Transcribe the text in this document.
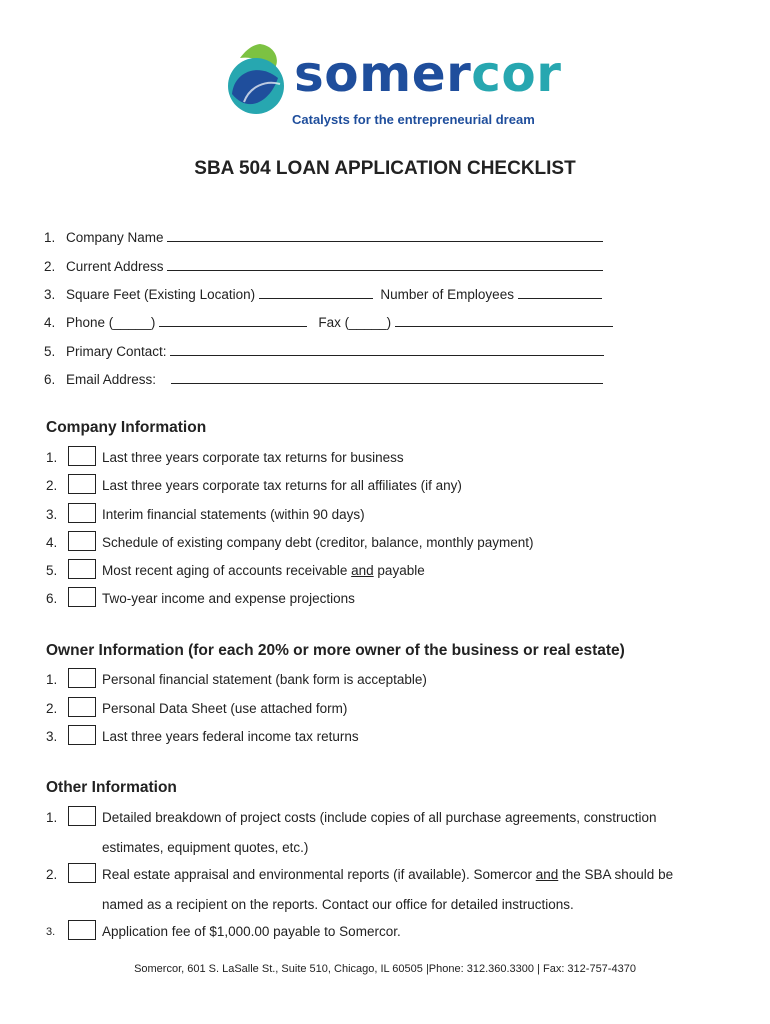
somercor
Catalysts for the entrepreneurial dream
SBA 504 LOAN APPLICATION CHECKLIST
1. Company Name
2. Current Address
3. Square Feet (Existing Location)	Number of Employees
4. Phone (_____)	Fax (_____)
5. Primary Contact:
6. Email Address:
Company Information
1.	Last three years corporate tax returns for business
2.	Last three years corporate tax returns for all affiliates (if any)
3.	Interim financial statements (within 90 days)
4.	Schedule of existing company debt (creditor, balance, monthly payment)
5.	Most recent aging of accounts receivable and payable
6.	Two-year income and expense projections
Owner Information (for each 20% or more owner of the business or real estate)
1.	Personal financial statement (bank form is acceptable)
2.	Personal Data Sheet (use attached form)
3.	Last three years federal income tax returns
Other Information
1.	Detailed breakdown of project costs (include copies of all purchase agreements, construction
estimates, equipment quotes, etc.)
2.	Real estate appraisal and environmental reports (if available). Somercor and the SBA should be
named as a recipient on the reports. Contact our office for detailed instructions.
3.	Application fee of $1,000.00 payable to Somercor.
Somercor, 601 S. LaSalle St., Suite 510, Chicago, IL 60505 |Phone: 312.360.3300 | Fax: 312-757-4370
